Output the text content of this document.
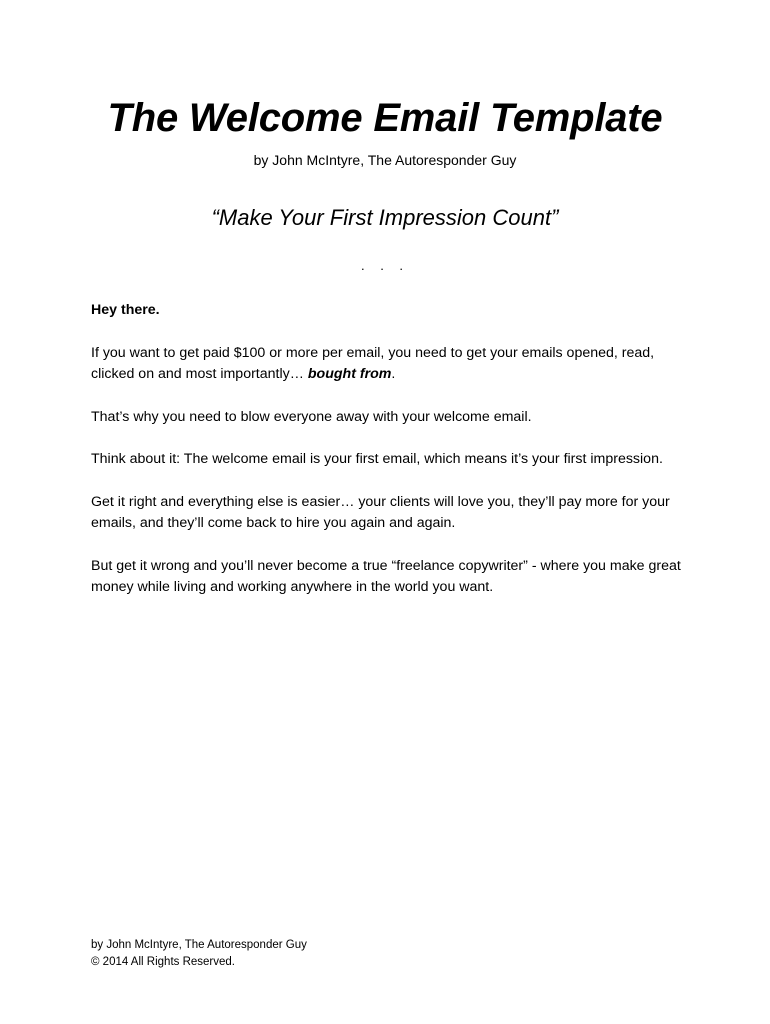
The Welcome Email Template
by John McIntyre, The Autoresponder Guy
“Make Your First Impression Count”
. . .

Hey there.

If you want to get paid $100 or more per email, you need to get your emails opened, read, clicked on and most importantly… bought from.

That’s why you need to blow everyone away with your welcome email.

Think about it: The welcome email is your first email, which means it’s your first impression.

Get it right and everything else is easier… your clients will love you, they’ll pay more for your emails, and they’ll come back to hire you again and again.

But get it wrong and you’ll never become a true “freelance copywriter” - where you make great money while living and working anywhere in the world you want.

by John McIntyre, The Autoresponder Guy
© 2014 All Rights Reserved.
